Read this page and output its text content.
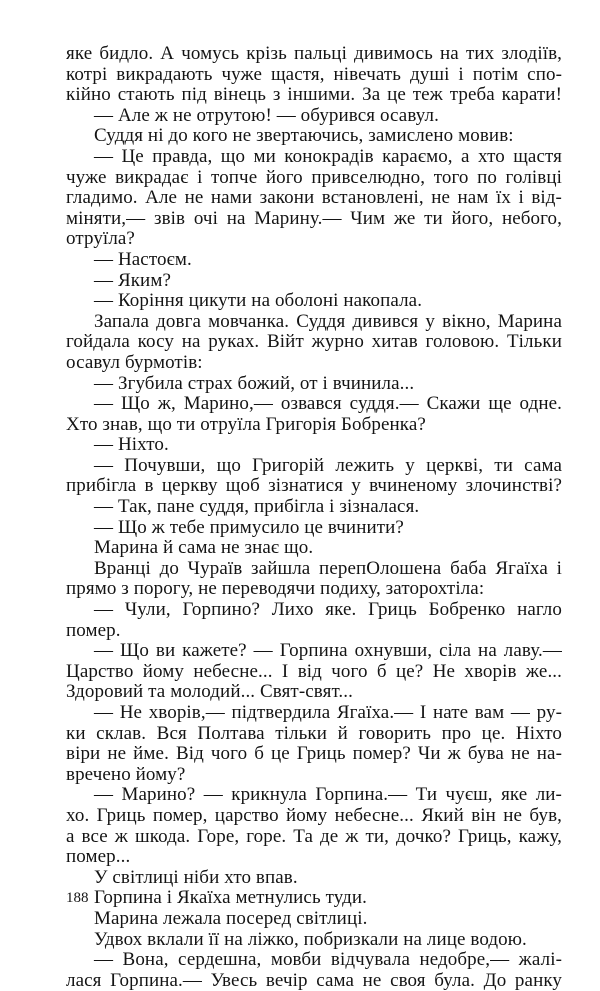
яке бидло. А чомусь крізь пальці дивимось на тих злодіїв,
котрі викрадають чуже щастя, нівечать душі і потім спо-
кійно стають під вінець з іншими. За це теж треба карати!
— Але ж не отрутою! — обурився осавул.
Суддя ні до кого не звертаючись, замислено мовив:
— Це правда, що ми конокрадів караємо, а хто щастя
чуже викрадає і топче його привселюдно, того по голівці
гладимо. Але не нами закони встановлені, не нам їх і від-
міняти,— звів очі на Марину.— Чим же ти його, небого,
отруїла?
— Настоєм.
— Яким?
— Коріння цикути на оболоні накопала.
Запала довга мовчанка. Суддя дивився у вікно, Марина
гойдала косу на руках. Війт журно хитав головою. Тільки
осавул бурмотів:
— Згубила страх божий, от і вчинила...
— Що ж, Марино,— озвався суддя.— Скажи ще одне.
Хто знав, що ти отруїла Григорія Бобренка?
— Ніхто.
— Почувши, що Григорій лежить у церкві, ти сама
прибігла в церкву щоб зізнатися у вчиненому злочинстві?
— Так, пане суддя, прибігла і зізналася.
— Що ж тебе примусило це вчинити?
Марина й сама не знає що.
Вранці до Чураїв зайшла перепОлошена баба Ягаїха і
прямо з порогу, не переводячи подиху, заторохтіла:
— Чули, Горпино? Лихо яке. Гриць Бобренко нагло
помер.
— Що ви кажете? — Горпина охнувши, сіла на лаву.—
Царство йому небесне... І від чого б це? Не хворів же...
Здоровий та молодий... Свят-свят...
— Не хворів,— підтвердила Ягаїха.— І нате вам — ру-
ки склав. Вся Полтава тільки й говорить про це. Ніхто
віри не йме. Від чого б це Гриць помер? Чи ж бува не на-
вречено йому?
— Марино? — крикнула Горпина.— Ти чуєш, яке ли-
хо. Гриць помер, царство йому небесне... Який він не був,
а все ж шкода. Горе, горе. Та де ж ти, дочко? Гриць, кажу,
помер...
У світлиці ніби хто впав.
Горпина і Якаїха метнулись туди.
Марина лежала посеред світлиці.
Удвох вклали її на ліжко, побризкали на лице водою.
— Вона, сердешна, мовби відчувала недобре,— жалі-
лася Горпина.— Увесь вечір сама не своя була. До ранку
188
